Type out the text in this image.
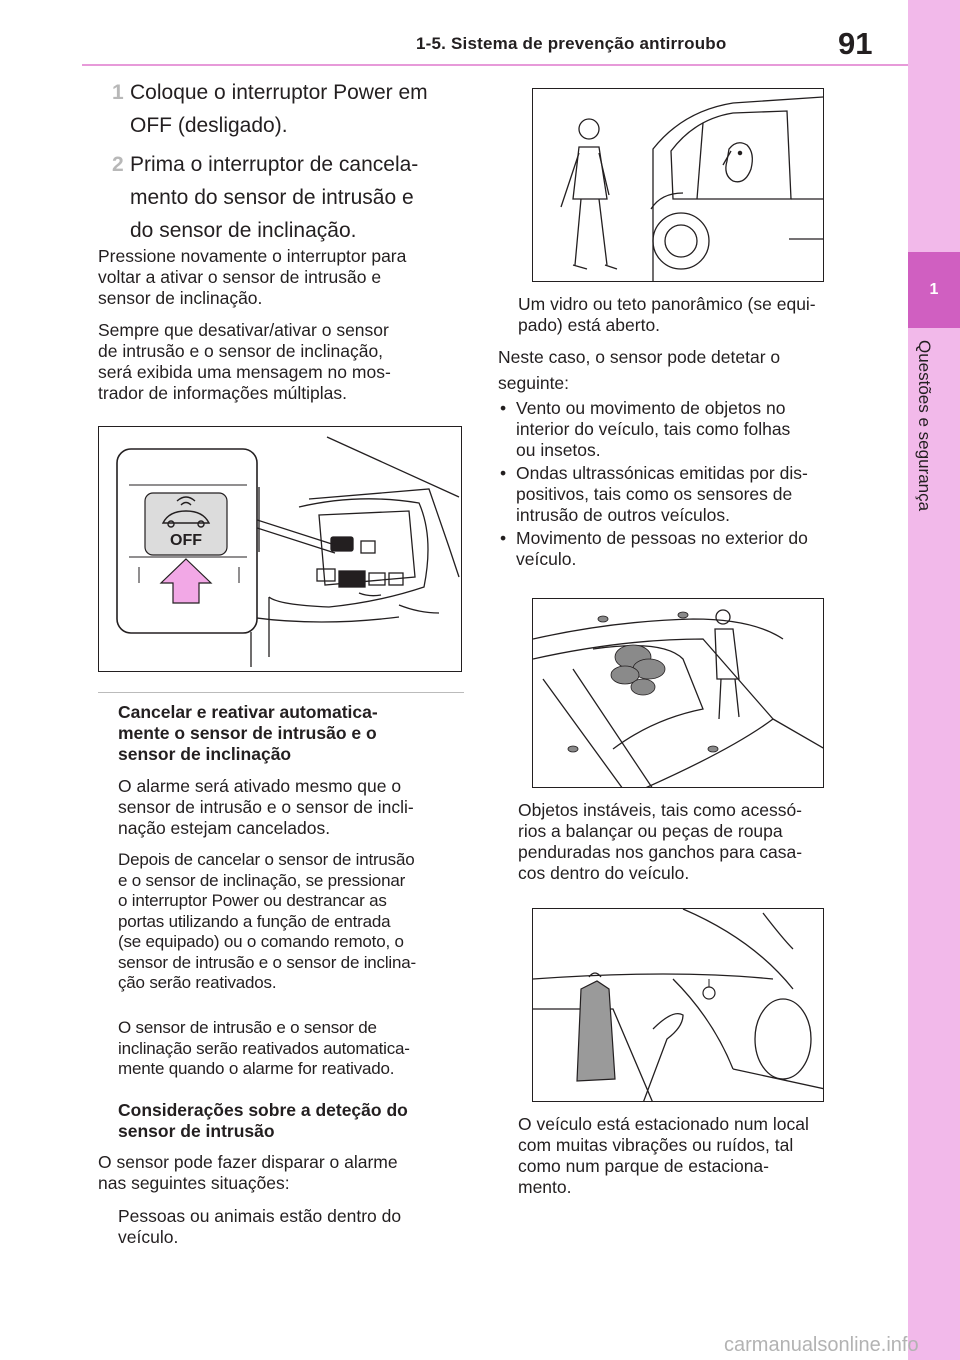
1-5. Sistema de prevenção antirroubo	91
1
Questões e segurança
1 Coloque o interruptor Power em
OFF (desligado).
2 Prima o interruptor de cancela-
mento do sensor de intrusão e
do sensor de inclinação.
Pressione novamente o interruptor para
voltar a ativar o sensor de intrusão e
sensor de inclinação.
Sempre que desativar/ativar o sensor
de intrusão e o sensor de inclinação,
será exibida uma mensagem no mos-
trador de informações múltiplas.
OFF
Cancelar e reativar automatica-
mente o sensor de intrusão e o
sensor de inclinação
O alarme será ativado mesmo que o
sensor de intrusão e o sensor de incli-
nação estejam cancelados.
Depois de cancelar o sensor de intrusão
e o sensor de inclinação, se pressionar
o interruptor Power ou destrancar as
portas utilizando a função de entrada
(se equipado) ou o comando remoto, o
sensor de intrusão e o sensor de inclina-
ção serão reativados.
O sensor de intrusão e o sensor de
inclinação serão reativados automatica-
mente quando o alarme for reativado.
Considerações sobre a deteção do
sensor de intrusão
O sensor pode fazer disparar o alarme
nas seguintes situações:
Pessoas ou animais estão dentro do
veículo.
Um vidro ou teto panorâmico (se equi-
pado) está aberto.
Neste caso, o sensor pode detetar o
seguinte:
• Vento ou movimento de objetos no
interior do veículo, tais como folhas
ou insetos.
• Ondas ultrassónicas emitidas por dis-
positivos, tais como os sensores de
intrusão de outros veículos.
• Movimento de pessoas no exterior do
veículo.
Objetos instáveis, tais como acessó-
rios a balançar ou peças de roupa
penduradas nos ganchos para casa-
cos dentro do veículo.
O veículo está estacionado num local
com muitas vibrações ou ruídos, tal
como num parque de estaciona-
mento.
carmanualsonline.info
